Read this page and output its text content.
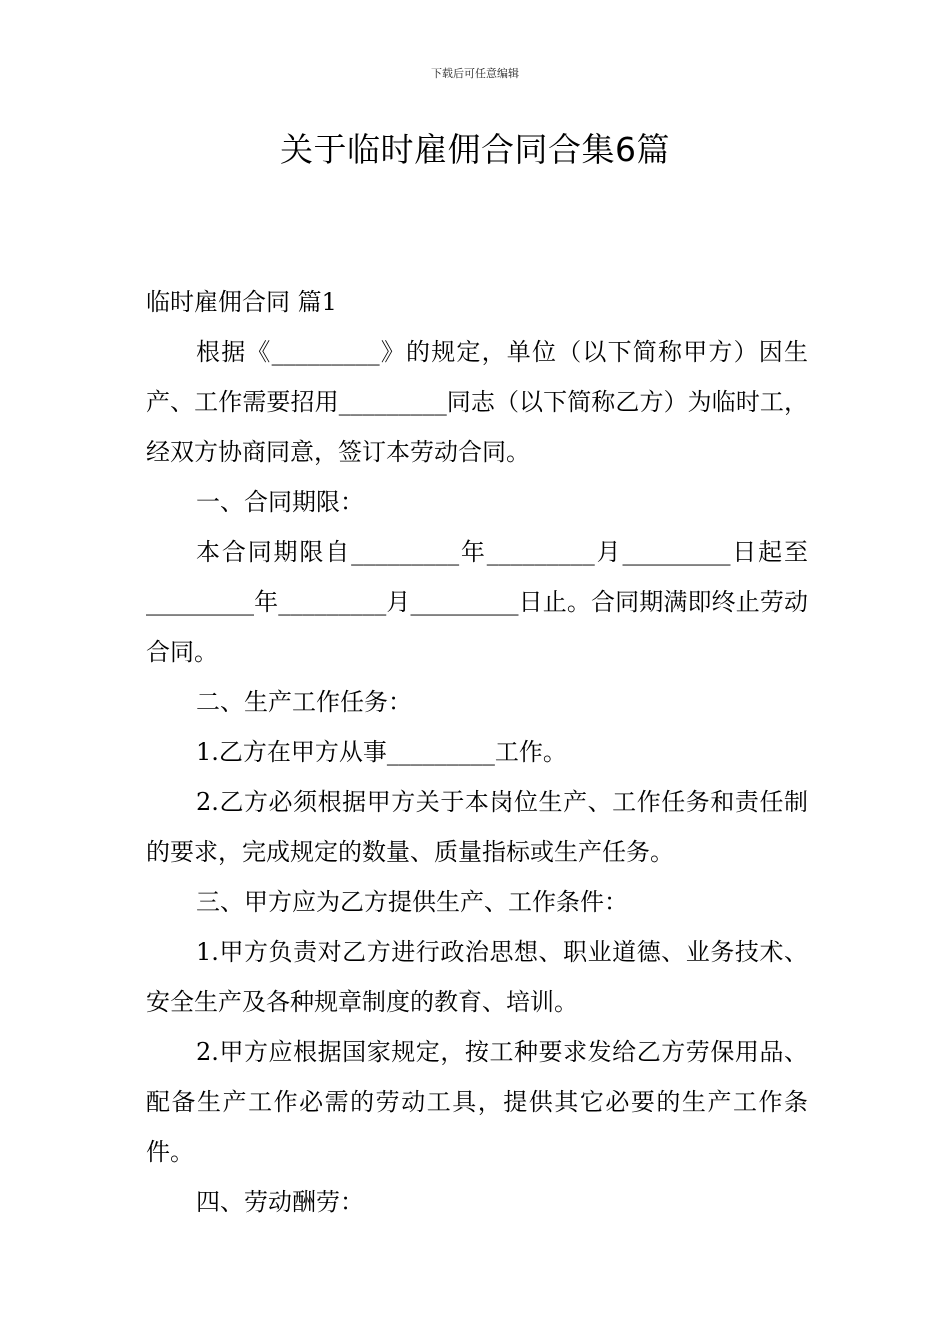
下载后可任意编辑
关于临时雇佣合同合集6篇

临时雇佣合同 篇1

根据《_________》的规定，单位（以下简称甲方）因生产、工作需要招用_________同志（以下简称乙方）为临时工，经双方协商同意，签订本劳动合同。

一、合同期限：

本合同期限自_________年_________月_________日起至_________年_________月_________日止。合同期满即终止劳动合同。

二、生产工作任务：

1.乙方在甲方从事_________工作。

2.乙方必须根据甲方关于本岗位生产、工作任务和责任制的要求，完成规定的数量、质量指标或生产任务。

三、甲方应为乙方提供生产、工作条件：

1.甲方负责对乙方进行政治思想、职业道德、业务技术、安全生产及各种规章制度的教育、培训。

2.甲方应根据国家规定，按工种要求发给乙方劳保用品、配备生产工作必需的劳动工具，提供其它必要的生产工作条件。

四、劳动酬劳：
